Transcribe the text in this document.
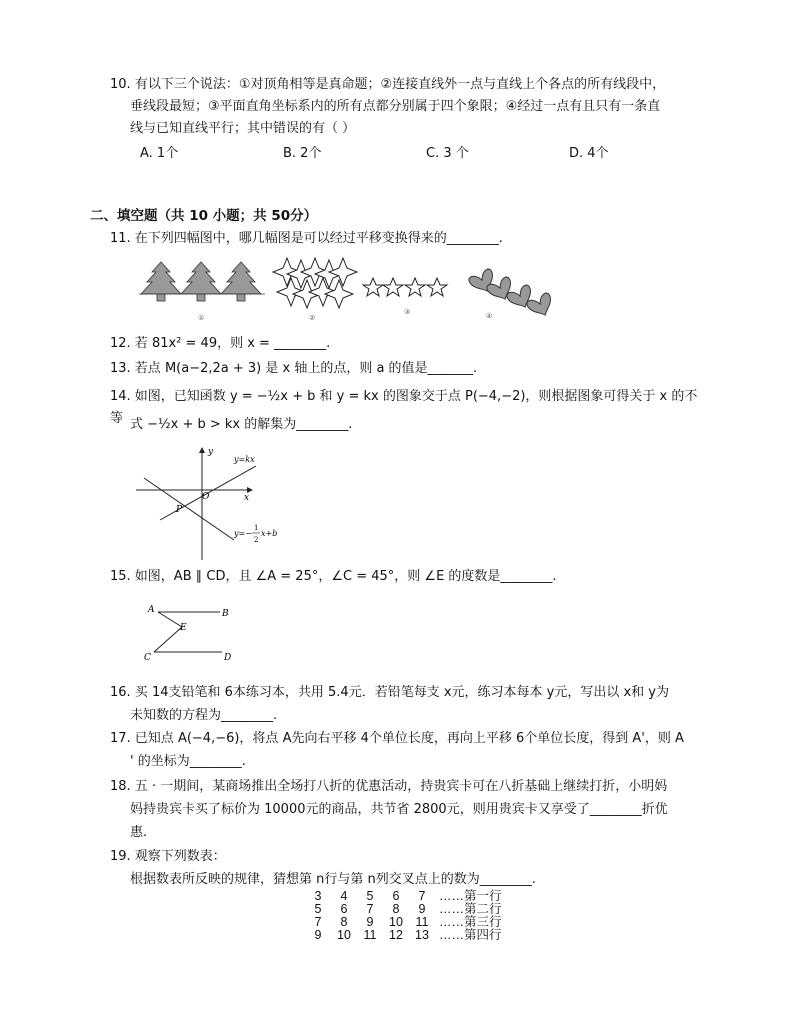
10. 有以下三个说法：①对顶角相等是真命题；②连接直线外一点与直线上个各点的所有线段中，
垂线段最短；③平面直角坐标系内的所有点都分别属于四个象限；④经过一点有且只有一条直
线与已知直线平行；其中错误的有（ ）
A. 1个	B. 2个	C. 3 个	D. 4个
二、填空题（共 10 小题；共 50分）
11. 在下列四幅图中，哪几幅图是可以经过平移变换得来的________.
①	②
③	④
12. 若 81x² = 49，则 x = ________.
13. 若点 M(a−2,2a + 3) 是 x 轴上的点，则 a 的值是_______.
14. 如图，已知函数 y = −½x + b 和 y = kx 的图象交于点 P(−4,−2)，则根据图象可得关于 x 的不等 式 −½x + b > kx 的解集为________.
y
x
O
P
y=kx
y=−
1
2
x+b
15. 如图，AB ∥ CD，且 ∠A = 25°，∠C = 45°，则 ∠E 的度数是________.
A	B
E
C	D
16. 买 14支铅笔和 6本练习本，共用 5.4元．若铅笔每支 x元，练习本每本 y元，写出以 x和 y为
未知数的方程为________.
17. 已知点 A(−4,−6)，将点 A先向右平移 4个单位长度，再向上平移 6个单位长度，得到 A'，则 A
' 的坐标为________.
18. 五 · 一期间，某商场推出全场打八折的优惠活动，持贵宾卡可在八折基础上继续打折，小明妈
妈持贵宾卡买了标价为 10000元的商品，共节省 2800元，则用贵宾卡又享受了________折优
惠.
19. 观察下列数表：
根据数表所反映的规律，猜想第 n行与第 n列交叉点上的数为________.
3 4 5 6 7 ……第一行
5 6 7 8 9 ……第二行
7 8 9 10 11 ……第三行
9 10 11 12 13 ……第四行
